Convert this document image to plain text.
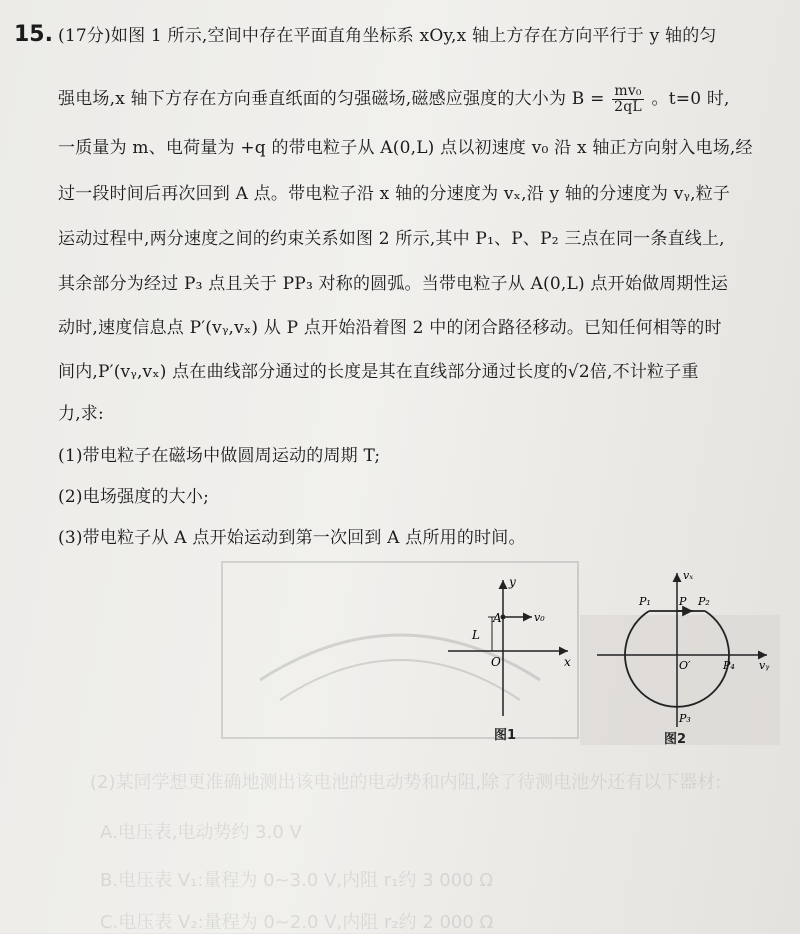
(2)某同学想更准确地测出该电池的电动势和内阻,除了待测电池外还有以下器材:
A.电压表,电动势约 3.0 V
B.电压表 V₁:量程为 0~3.0 V,内阻 r₁约 3 000 Ω
C.电压表 V₂:量程为 0~2.0 V,内阻 r₂约 2 000 Ω
15. (17分)如图 1 所示,空间中存在平面直角坐标系 xOy,x 轴上方存在方向平行于 y 轴的匀
强电场,x 轴下方存在方向垂直纸面的匀强磁场,磁感应强度的大小为 $B = \frac{\text{mv₀}}{2qL}$ 。t=0 时,
一质量为 m、电荷量为 +q 的带电粒子从 A(0,L) 点以初速度 v₀ 沿 x 轴正方向射入电场,经
过一段时间后再次回到 A 点。带电粒子沿 x 轴的分速度为 vₓ,沿 y 轴的分速度为 vᵧ,粒子
运动过程中,两分速度之间的约束关系如图 2 所示,其中 P₁、P、P₂ 三点在同一条直线上,
其余部分为经过 P₃ 点且关于 PP₃ 对称的圆弧。当带电粒子从 A(0,L) 点开始做周期性运
动时,速度信息点 P′(vᵧ,vₓ) 从 P 点开始沿着图 2 中的闭合路径移动。已知任何相等的时
间内,P′(vᵧ,vₓ) 点在曲线部分通过的长度是其在直线部分通过长度的√2倍,不计粒子重
力,求:
(1)带电粒子在磁场中做圆周运动的周期 T;
(2)电场强度的大小;
(3)带电粒子从 A 点开始运动到第一次回到 A 点所用的时间。
x
y
O
A
L
v₀
图1
vₓ
vᵧ
O′
P₁	P P₂
P₄
P₃
图2
